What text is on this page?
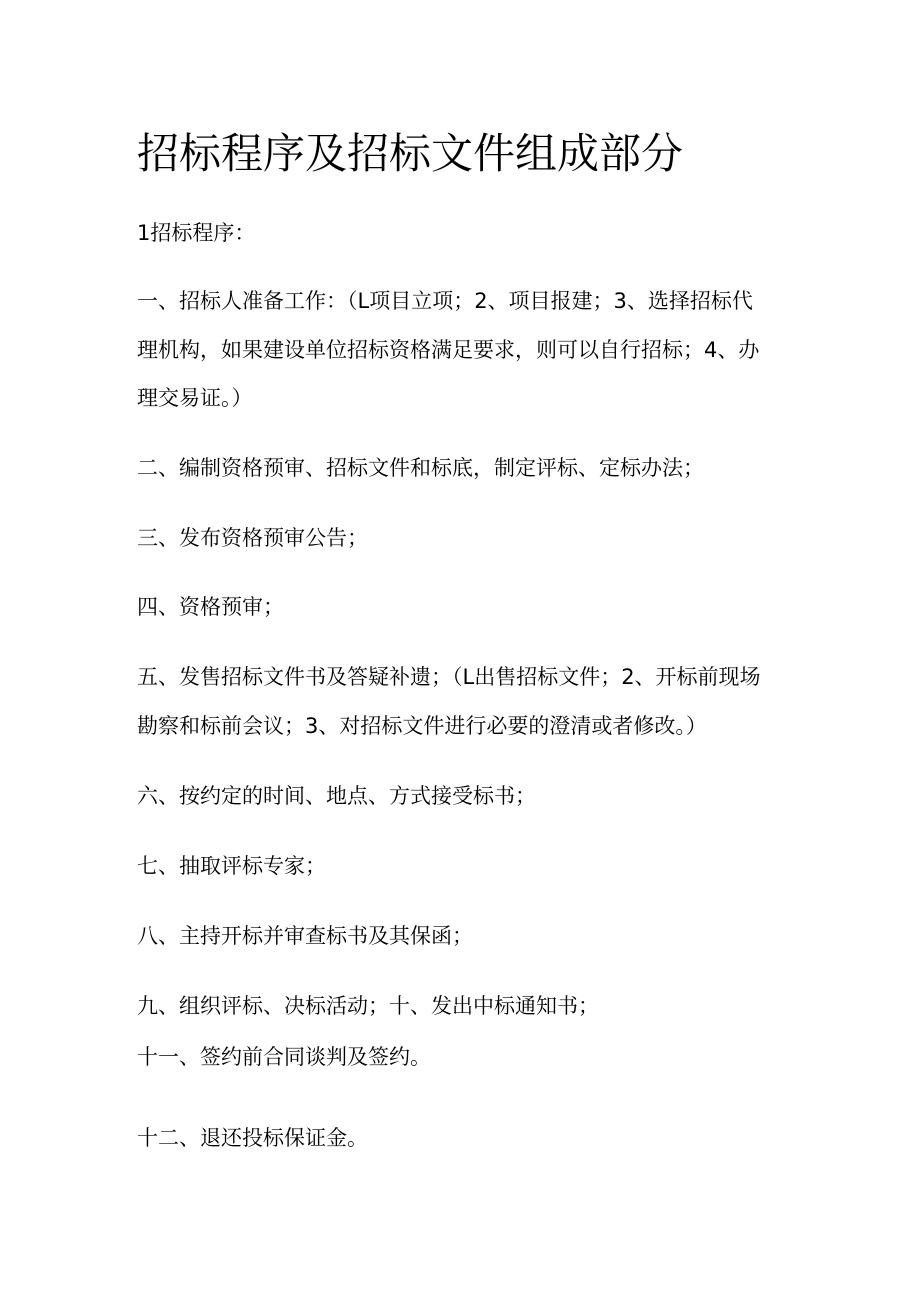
招标程序及招标文件组成部分

1招标程序：

一、招标人准备工作：（L项目立项；2、项目报建；3、选择招标代

理机构，如果建设单位招标资格满足要求，则可以自行招标；4、办

理交易证。）

二、编制资格预审、招标文件和标底，制定评标、定标办法；

三、发布资格预审公告；

四、资格预审；

五、发售招标文件书及答疑补遗；（L出售招标文件；2、开标前现场

勘察和标前会议；3、对招标文件进行必要的澄清或者修改。）

六、按约定的时间、地点、方式接受标书；

七、抽取评标专家；

八、主持开标并审查标书及其保函；

九、组织评标、决标活动；十、发出中标通知书；

十一、签约前合同谈判及签约。

十二、退还投标保证金。
